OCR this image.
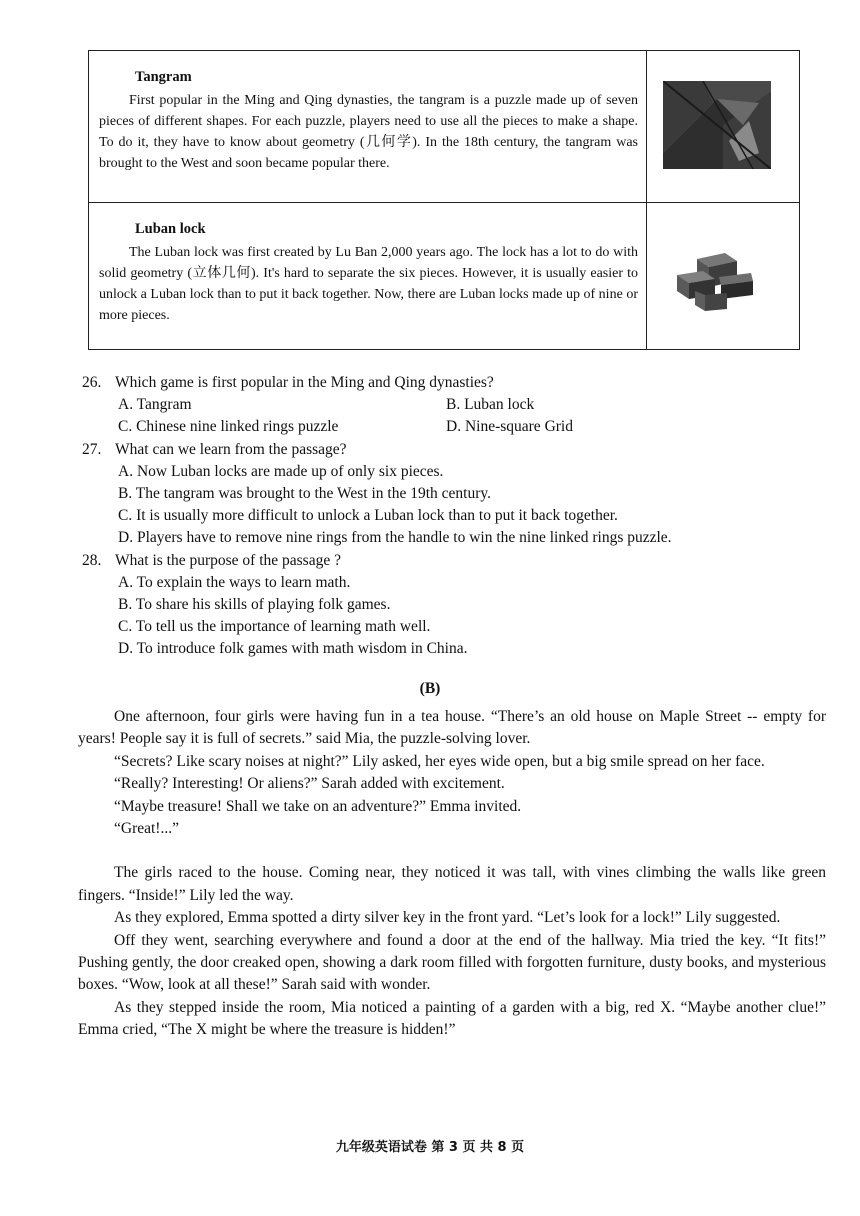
Tangram

First popular in the Ming and Qing dynasties, the tangram is a puzzle made up of seven pieces of different shapes. For each puzzle, players need to use all the pieces to make a shape. To do it, they have to know about geometry (几何学). In the 18th century, the tangram was brought to the West and soon became popular there.

Luban lock

The Luban lock was first created by Lu Ban 2,000 years ago. The lock has a lot to do with solid geometry (立体几何). It's hard to separate the six pieces. However, it is usually easier to unlock a Luban lock than to put it back together. Now, there are Luban locks made up of nine or more pieces.

26. Which game is first popular in the Ming and Qing dynasties?
A. Tangram	B. Luban lock
C. Chinese nine linked rings puzzle	D. Nine-square Grid
27. What can we learn from the passage?
A. Now Luban locks are made up of only six pieces.
B. The tangram was brought to the West in the 19th century.
C. It is usually more difficult to unlock a Luban lock than to put it back together.
D. Players have to remove nine rings from the handle to win the nine linked rings puzzle.
28. What is the purpose of the passage ?
A. To explain the ways to learn math.
B. To share his skills of playing folk games.
C. To tell us the importance of learning math well.
D. To introduce folk games with math wisdom in China.
(B)

One afternoon, four girls were having fun in a tea house. “There’s an old house on Maple Street -- empty for years! People say it is full of secrets.” said Mia, the puzzle-solving lover.

“Secrets? Like scary noises at night?” Lily asked, her eyes wide open, but a big smile spread on her face.

“Really? Interesting! Or aliens?” Sarah added with excitement.

“Maybe treasure! Shall we take on an adventure?” Emma invited.

“Great!...”

The girls raced to the house. Coming near, they noticed it was tall, with vines climbing the walls like green fingers. “Inside!” Lily led the way.

As they explored, Emma spotted a dirty silver key in the front yard. “Let’s look for a lock!” Lily suggested.

Off they went, searching everywhere and found a door at the end of the hallway. Mia tried the key. “It fits!” Pushing gently, the door creaked open, showing a dark room filled with forgotten furniture, dusty books, and mysterious boxes. “Wow, look at all these!” Sarah said with wonder.

As they stepped inside the room, Mia noticed a painting of a garden with a big, red X. “Maybe another clue!” Emma cried, “The X might be where the treasure is hidden!”

九年级英语试卷 第 3 页 共 8 页
